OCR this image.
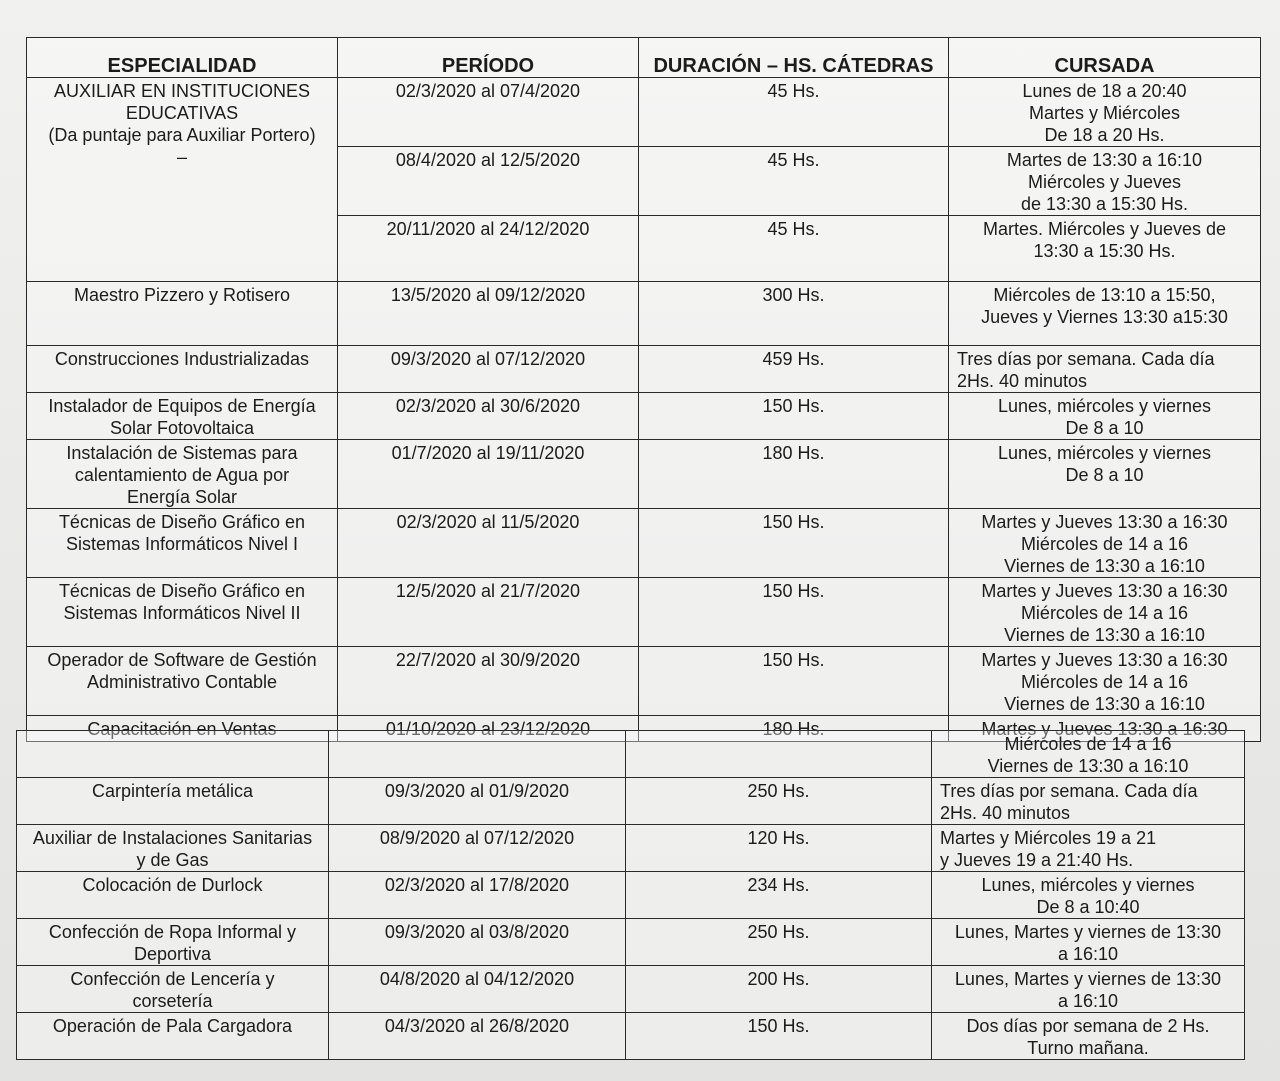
ESPECIALIDAD	PERÍODO	DURACIÓN – HS. CÁTEDRAS	CURSADA
AUXILIAR EN INSTITUCIONES
EDUCATIVAS
(Da puntaje para Auxiliar Portero)
–	02/3/2020 al 07/4/2020	45 Hs.	Lunes de 18 a 20:40
Martes y Miércoles
De 18 a 20 Hs.
	08/4/2020 al 12/5/2020	45 Hs.	Martes de 13:30 a 16:10
Miércoles y Jueves
de 13:30 a 15:30 Hs.
	20/11/2020 al 24/12/2020	45 Hs.	Martes. Miércoles y Jueves de
13:30 a 15:30 Hs.
Maestro Pizzero y Rotisero	13/5/2020 al 09/12/2020	300 Hs.	Miércoles de 13:10 a 15:50,
Jueves y Viernes 13:30 a15:30
Construcciones Industrializadas	09/3/2020 al 07/12/2020	459 Hs.	Tres días por semana. Cada día
2Hs. 40 minutos
Instalador de Equipos de Energía
Solar Fotovoltaica	02/3/2020 al 30/6/2020	150 Hs.	Lunes, miércoles y viernes
De 8 a 10
Instalación de Sistemas para
calentamiento de Agua por
Energía Solar	01/7/2020 al 19/11/2020	180 Hs.	Lunes, miércoles y viernes
De 8 a 10
Técnicas de Diseño Gráfico en
Sistemas Informáticos Nivel I	02/3/2020 al 11/5/2020	150 Hs.	Martes y Jueves 13:30 a 16:30
Miércoles de 14 a 16
Viernes de 13:30 a 16:10
Técnicas de Diseño Gráfico en
Sistemas Informáticos Nivel II	12/5/2020 al 21/7/2020	150 Hs.	Martes y Jueves 13:30 a 16:30
Miércoles de 14 a 16
Viernes de 13:30 a 16:10
Operador de Software de Gestión
Administrativo Contable	22/7/2020 al 30/9/2020	150 Hs.	Martes y Jueves 13:30 a 16:30
Miércoles de 14 a 16
Viernes de 13:30 a 16:10
Capacitación en Ventas	01/10/2020 al 23/12/2020	180 Hs.	Martes y Jueves 13:30 a 16:30
			Miércoles de 14 a 16
Viernes de 13:30 a 16:10
Carpintería metálica	09/3/2020 al 01/9/2020	250 Hs.	Tres días por semana. Cada día
2Hs. 40 minutos
Auxiliar de Instalaciones Sanitarias
y de Gas	08/9/2020 al 07/12/2020	120 Hs.	Martes y Miércoles 19 a 21
y Jueves 19 a 21:40 Hs.
Colocación de Durlock	02/3/2020 al 17/8/2020	234 Hs.	Lunes, miércoles y viernes
De 8 a 10:40
Confección de Ropa Informal y
Deportiva	09/3/2020 al 03/8/2020	250 Hs.	Lunes, Martes y viernes de 13:30
a 16:10
Confección de Lencería y
corsetería	04/8/2020 al 04/12/2020	200 Hs.	Lunes, Martes y viernes de 13:30
a 16:10
Operación de Pala Cargadora	04/3/2020 al 26/8/2020	150 Hs.	Dos días por semana de 2 Hs.
Turno mañana.
